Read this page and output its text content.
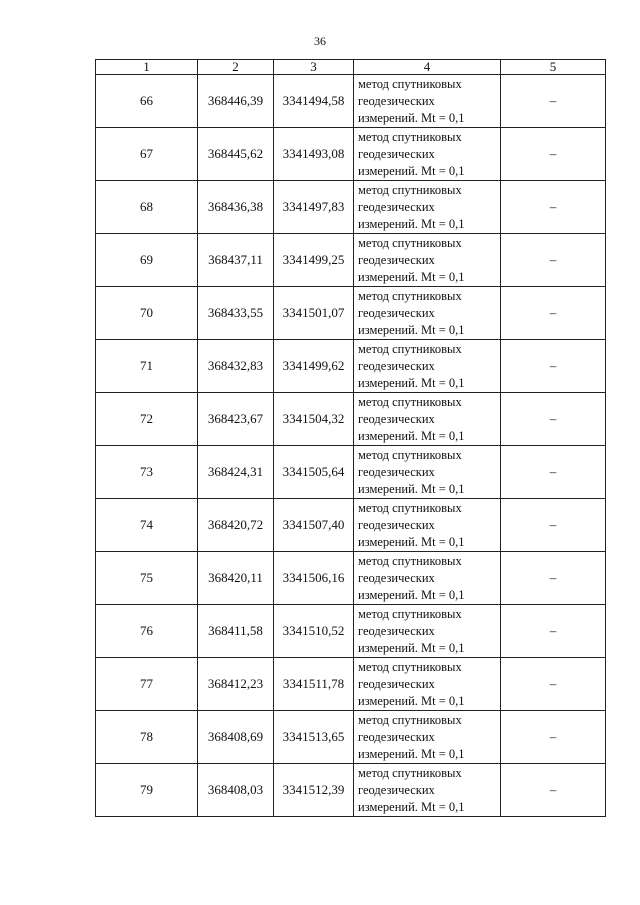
36
1	2	3	4	5
66	368446,39	3341494,58	метод спутниковых
геодезических
измерений. Mt = 0,1	–
67	368445,62	3341493,08	метод спутниковых
геодезических
измерений. Mt = 0,1	–
68	368436,38	3341497,83	метод спутниковых
геодезических
измерений. Mt = 0,1	–
69	368437,11	3341499,25	метод спутниковых
геодезических
измерений. Mt = 0,1	–
70	368433,55	3341501,07	метод спутниковых
геодезических
измерений. Mt = 0,1	–
71	368432,83	3341499,62	метод спутниковых
геодезических
измерений. Mt = 0,1	–
72	368423,67	3341504,32	метод спутниковых
геодезических
измерений. Mt = 0,1	–
73	368424,31	3341505,64	метод спутниковых
геодезических
измерений. Mt = 0,1	–
74	368420,72	3341507,40	метод спутниковых
геодезических
измерений. Mt = 0,1	–
75	368420,11	3341506,16	метод спутниковых
геодезических
измерений. Mt = 0,1	–
76	368411,58	3341510,52	метод спутниковых
геодезических
измерений. Mt = 0,1	–
77	368412,23	3341511,78	метод спутниковых
геодезических
измерений. Mt = 0,1	–
78	368408,69	3341513,65	метод спутниковых
геодезических
измерений. Mt = 0,1	–
79	368408,03	3341512,39	метод спутниковых
геодезических
измерений. Mt = 0,1	–
